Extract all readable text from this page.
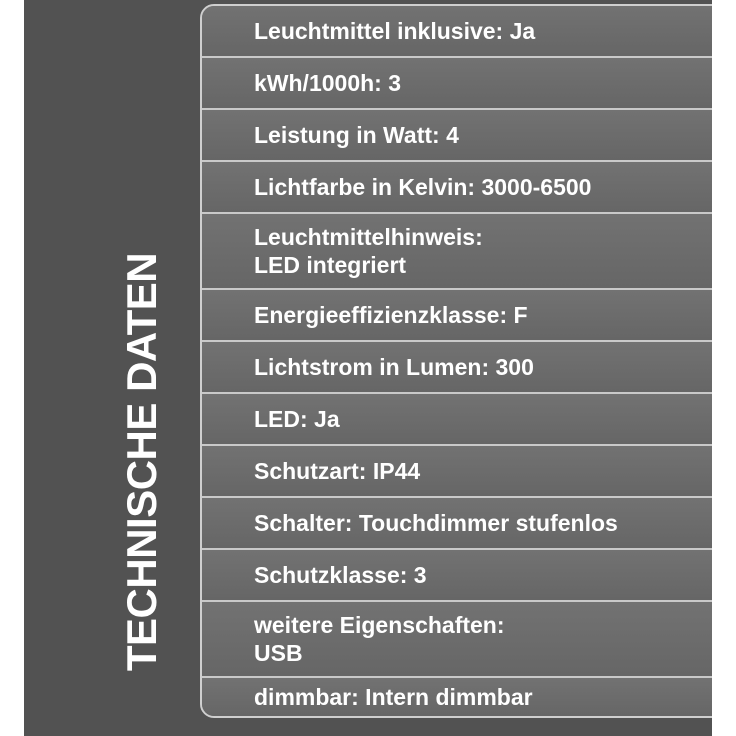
TECHNISCHE DATEN
Leuchtmittel inklusive: Ja
kWh/1000h: 3
Leistung in Watt: 4
Lichtfarbe in Kelvin: 3000-6500
Leuchtmittelhinweis:
LED integriert
Energieeffizienzklasse: F
Lichtstrom in Lumen: 300
LED: Ja
Schutzart: IP44
Schalter: Touchdimmer stufenlos
Schutzklasse: 3
weitere Eigenschaften:
USB
dimmbar: Intern dimmbar
